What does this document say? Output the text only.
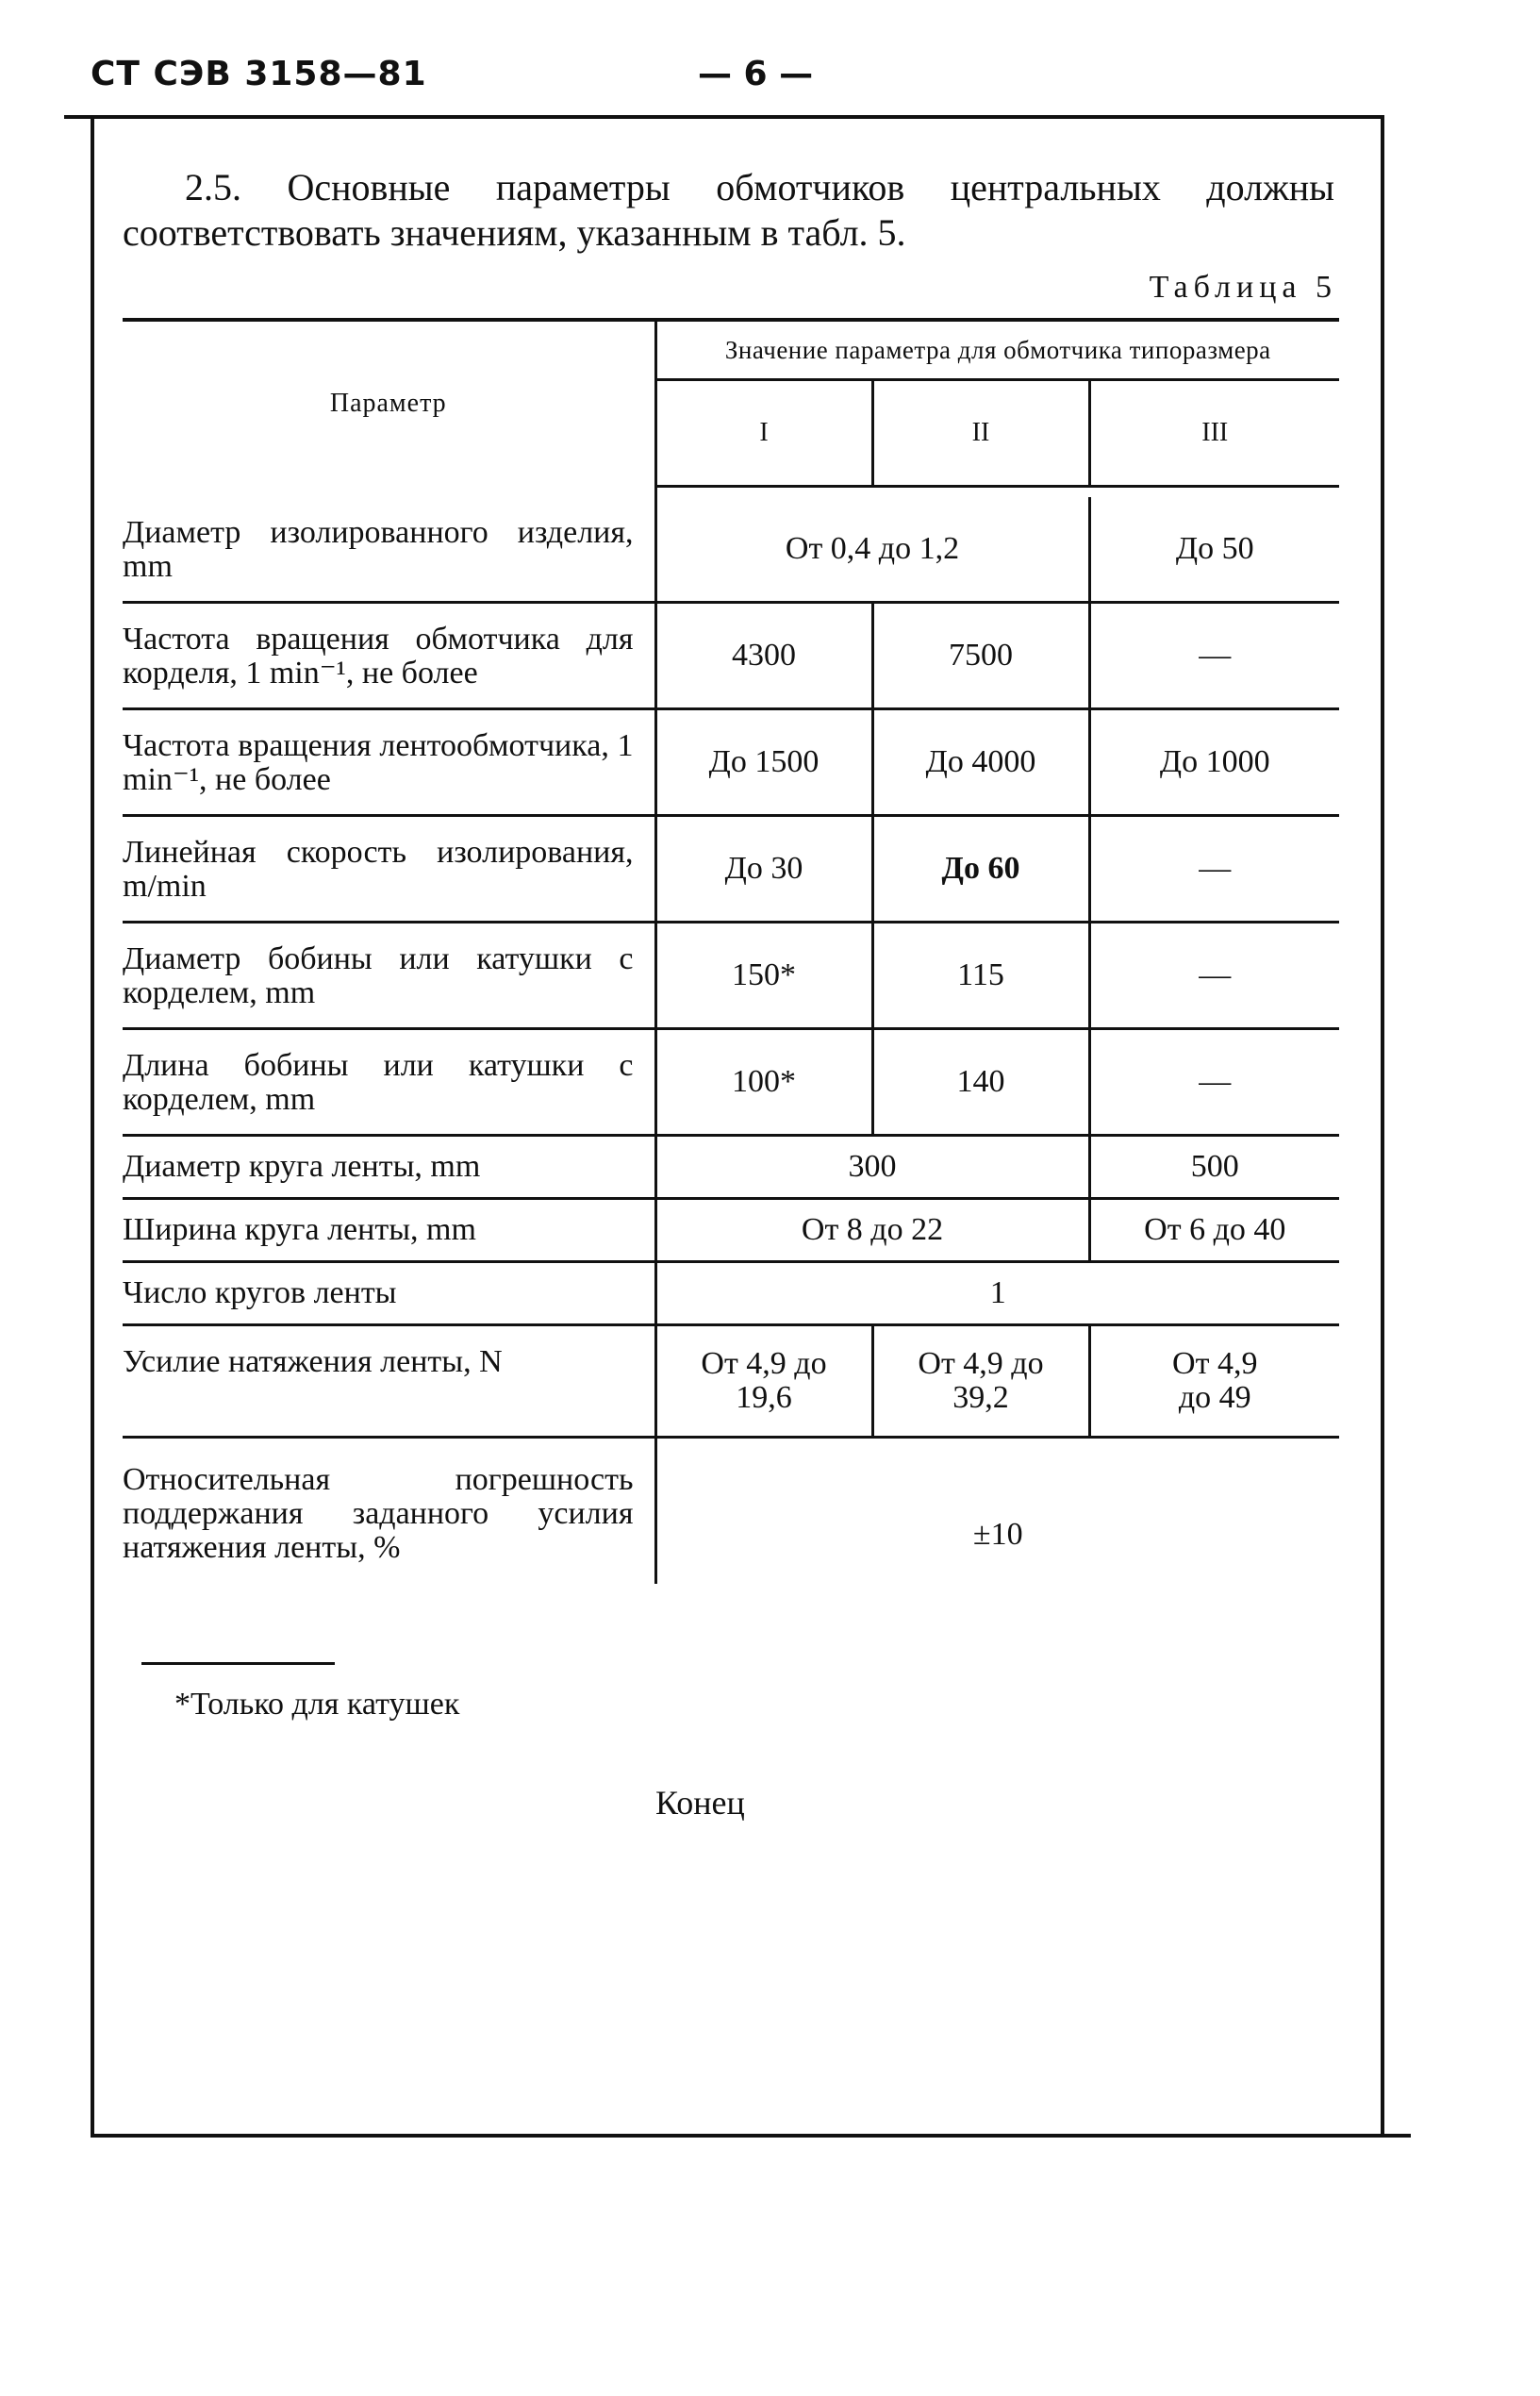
СТ СЭВ 3158—81	— 6 —

2.5. Основные параметры обмотчиков центральных должны соответствовать значениям, указанным в табл. 5.

Таблица 5
Параметр	Значение параметра для обмотчика типоразмера		
	I	II	III

Диаметр изолированного изделия, mm	От 0,4 до 1,2		До 50
Частота вращения обмотчика для корделя, 1 min⁻¹, не более	4300	7500	—
Частота вращения лентообмотчика, 1 min⁻¹, не более	До 1500	До 4000	До 1000
Линейная скорость изолирования, m/min	До 30	До 60	—
Диаметр бобины или катушки с корделем, mm	150*	115	—
Длина бобины или катушки с корделем, mm	100*	140	—
Диаметр круга ленты, mm	300		500
Ширина круга ленты, mm	От 8 до 22		От 6 до 40
Число кругов ленты	1		
Усилие натяжения ленты, N	От 4,9 до 19,6	От 4,9 до 39,2	От 4,9 до 49
Относительная погрешность поддержания заданного усилия натяжения ленты, %	±10		
*Только для катушек
Конец
